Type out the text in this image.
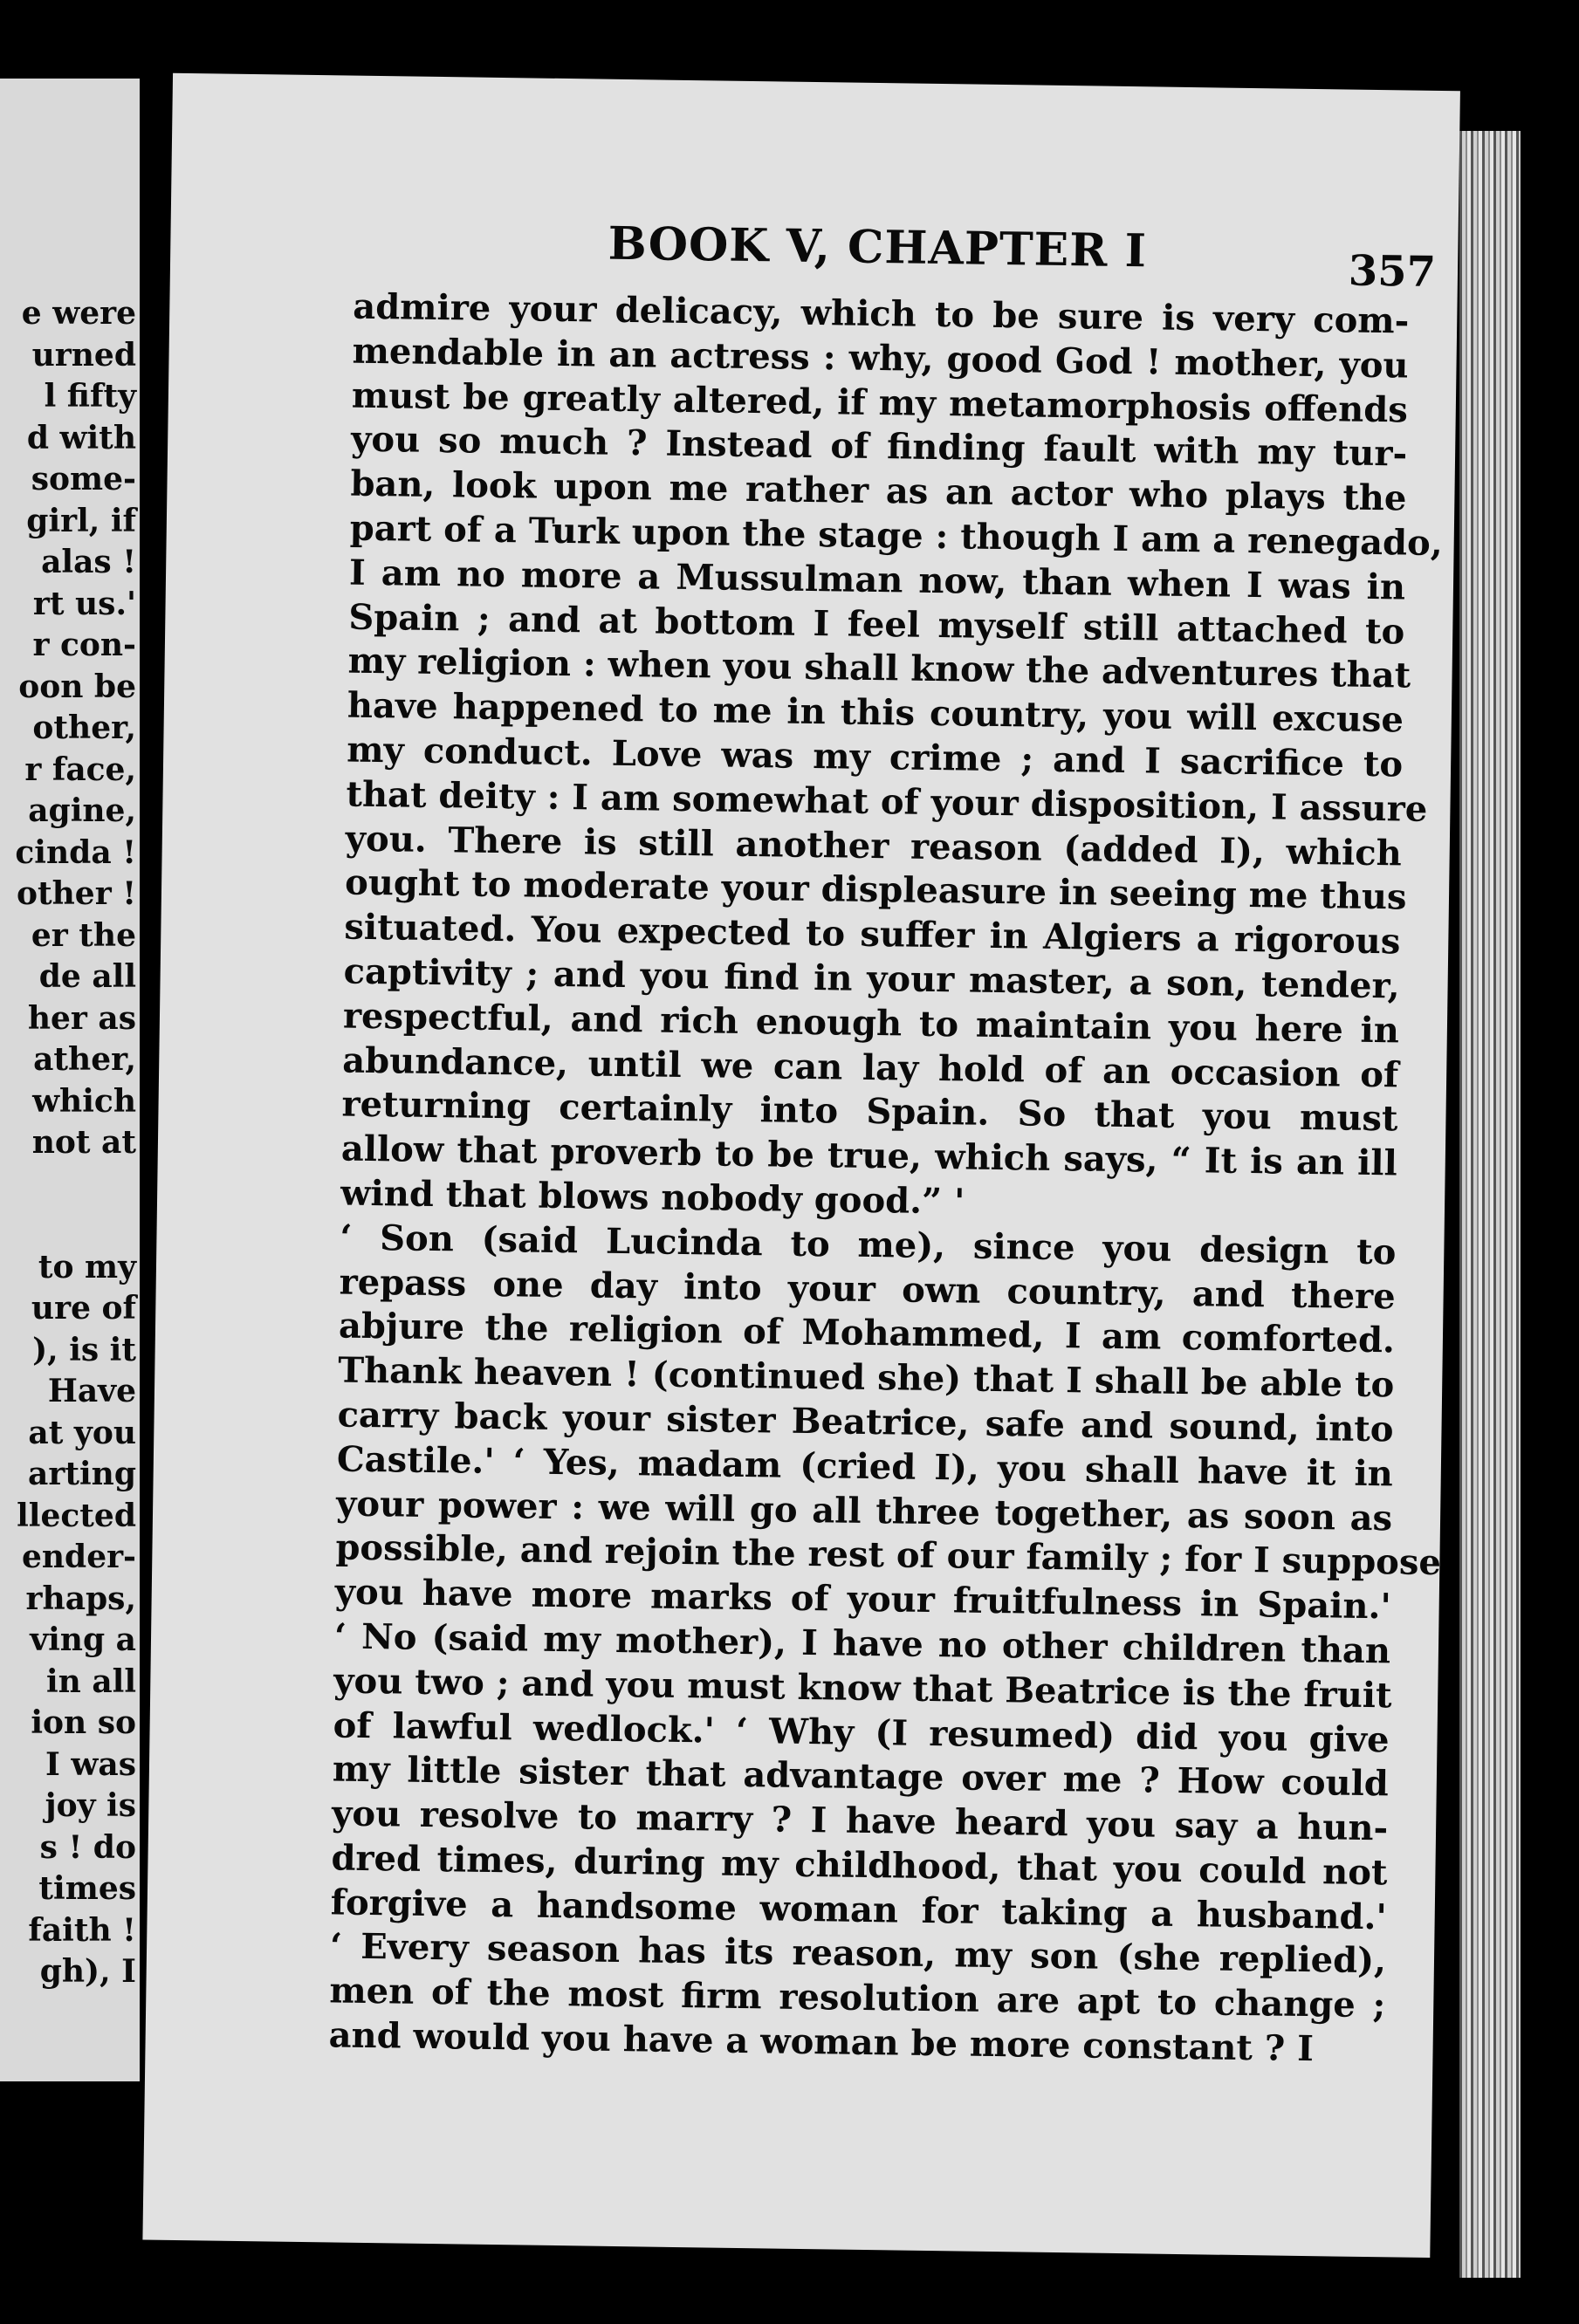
e were
urned
l fifty
d with
some-
girl, if
alas !
rt us.'
r con-
oon be
other,
r face,
agine,
cinda !
other !
er the
de all
her as
ather,
which
not at
to my
ure of
), is it
Have
at you
arting
llected
ender-
rhaps,
ving a
in all
ion so
I was
joy is
s ! do
times
faith !
gh), I
BOOK V, CHAPTER I	357
admire your delicacy, which to be sure is very com-
mendable in an actress : why, good God ! mother, you
must be greatly altered, if my metamorphosis offends
you so much ? Instead of finding fault with my tur-
ban, look upon me rather as an actor who plays the
part of a Turk upon the stage : though I am a renegado,
I am no more a Mussulman now, than when I was in
Spain ; and at bottom I feel myself still attached to
my religion : when you shall know the adventures that
have happened to me in this country, you will excuse
my conduct. Love was my crime ; and I sacrifice to
that deity : I am somewhat of your disposition, I assure
you. There is still another reason (added I), which
ought to moderate your displeasure in seeing me thus
situated. You expected to suffer in Algiers a rigorous
captivity ; and you find in your master, a son, tender,
respectful, and rich enough to maintain you here in
abundance, until we can lay hold of an occasion of
returning certainly into Spain. So that you must
allow that proverb to be true, which says, “ It is an ill
wind that blows nobody good.” '
‘ Son (said Lucinda to me), since you design to
repass one day into your own country, and there
abjure the religion of Mohammed, I am comforted.
Thank heaven ! (continued she) that I shall be able to
carry back your sister Beatrice, safe and sound, into
Castile.' ‘ Yes, madam (cried I), you shall have it in
your power : we will go all three together, as soon as
possible, and rejoin the rest of our family ; for I suppose
you have more marks of your fruitfulness in Spain.'
‘ No (said my mother), I have no other children than
you two ; and you must know that Beatrice is the fruit
of lawful wedlock.' ‘ Why (I resumed) did you give
my little sister that advantage over me ? How could
you resolve to marry ? I have heard you say a hun-
dred times, during my childhood, that you could not
forgive a handsome woman for taking a husband.'
‘ Every season has its reason, my son (she replied),
men of the most firm resolution are apt to change ;
and would you have a woman be more constant ? I
